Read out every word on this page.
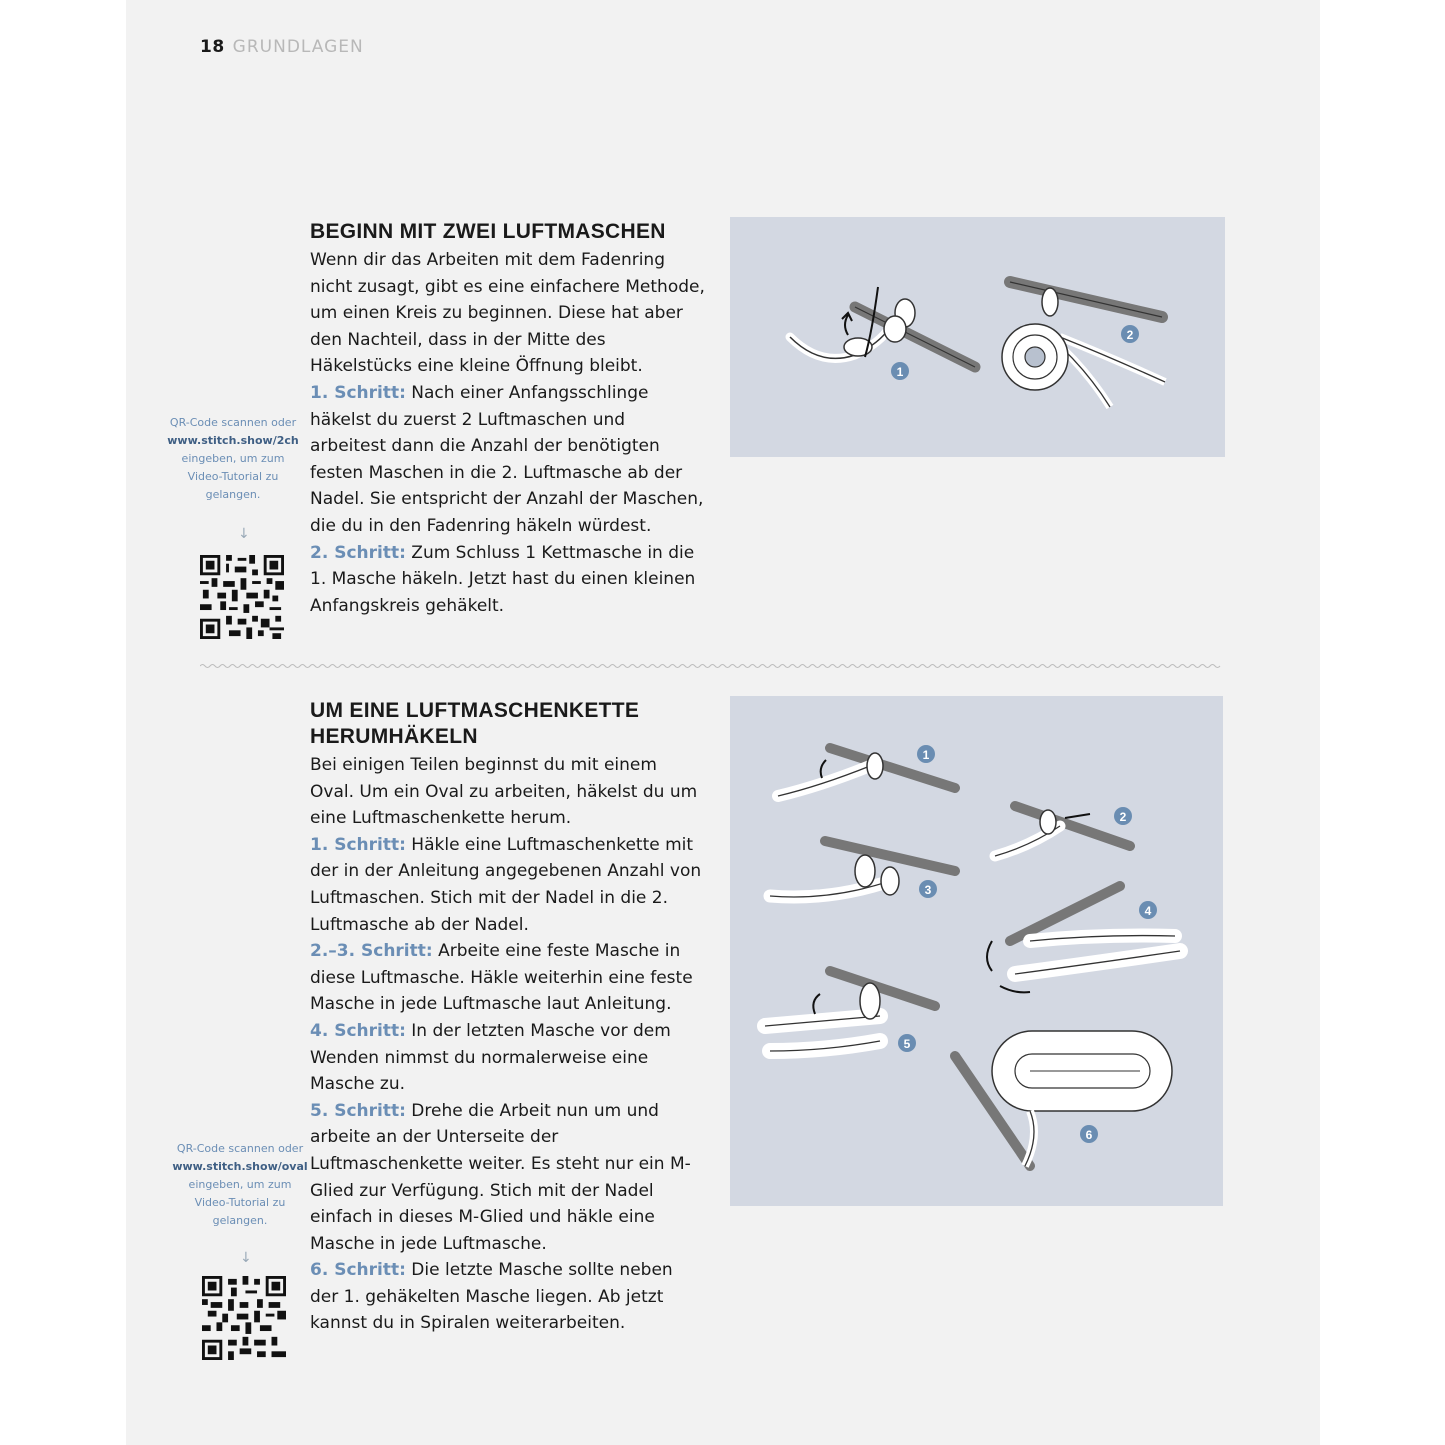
18 GRUNDLAGEN
BEGINN MIT ZWEI LUFTMASCHEN

Wenn dir das Arbeiten mit dem Fadenring nicht zusagt, gibt es eine einfachere Methode, um einen Kreis zu beginnen. Diese hat aber den Nachteil, dass in der Mitte des Häkelstücks eine kleine Öffnung bleibt.

1. Schritt: Nach einer Anfangsschlinge häkelst du zuerst 2 Luftmaschen und arbeitest dann die Anzahl der benötigten festen Maschen in die 2. Luftmasche ab der Nadel. Sie entspricht der Anzahl der Maschen, die du in den Fadenring häkeln würdest.

2. Schritt: Zum Schluss 1 Kettmasche in die 1. Masche häkeln. Jetzt hast du einen kleinen Anfangskreis gehäkelt.

QR-Code scannen oder
www.stitch.show/2ch
eingeben, um zum Video-Tutorial zu gelangen.
↓
1
2
UM EINE LUFTMASCHENKETTE HERUMHÄKELN

Bei einigen Teilen beginnst du mit einem Oval. Um ein Oval zu arbeiten, häkelst du um eine Luftmaschenkette herum.

1. Schritt: Häkle eine Luftmaschenkette mit der in der Anleitung angegebenen Anzahl von Luftmaschen. Stich mit der Nadel in die 2. Luftmasche ab der Nadel.

2.–3. Schritt: Arbeite eine feste Masche in diese Luftmasche. Häkle weiterhin eine feste Masche in jede Luftmasche laut Anleitung.

4. Schritt: In der letzten Masche vor dem Wenden nimmst du normalerweise eine Masche zu.

5. Schritt: Drehe die Arbeit nun um und arbeite an der Unterseite der Luftmaschenkette weiter. Es steht nur ein M-Glied zur Verfügung. Stich mit der Nadel einfach in dieses M-Glied und häkle eine Masche in jede Luftmasche.

6. Schritt: Die letzte Masche sollte neben der 1. gehäkelten Masche liegen. Ab jetzt kannst du in Spiralen weiterarbeiten.

QR-Code scannen oder
www.stitch.show/oval
eingeben, um zum Video-Tutorial zu gelangen.
↓
1
2
3
4
5
6
